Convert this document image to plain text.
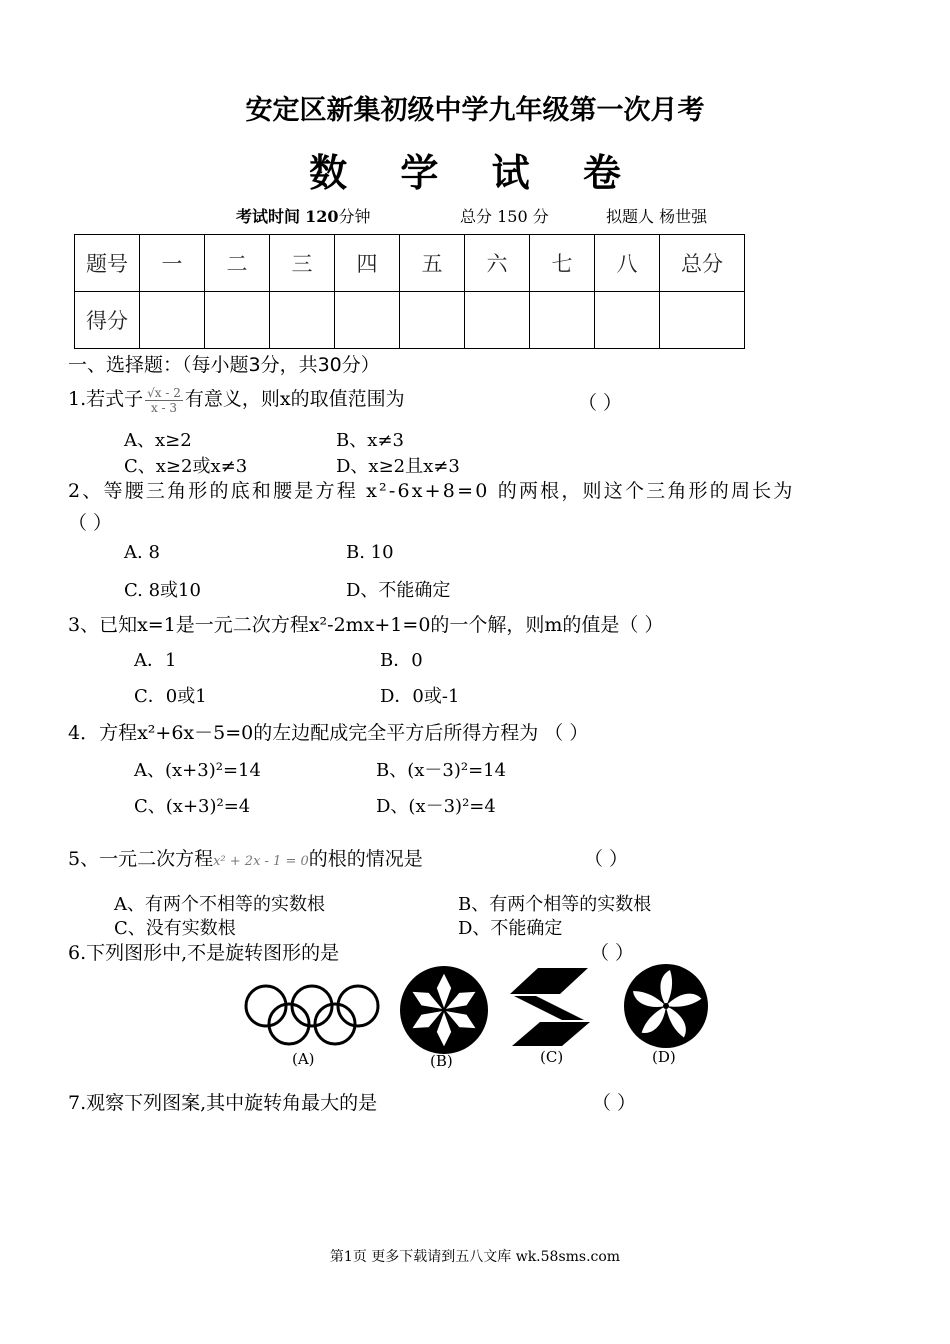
安定区新集初级中学九年级第一次月考
数 学 试 卷
考试时间 120分钟	总分 150 分	拟题人 杨世强
题号	一	二	三	四	五	六	七	八	总分
得分									
一、选择题：（每小题3分，共30分）
1.若式子 $\frac{√x - 2}{x - 3}$ 有意义，则x的取值范围为	（ ）
A、x≥2	B、x≠3
C、x≥2或x≠3	D、x≥2且x≠3
2、等腰三角形的底和腰是方程 x²-6x+8=0 的两根，则这个三角形的周长为
（ ）
A. 8	B. 10
C. 8或10	D、不能确定
3、已知x=1是一元二次方程x²-2mx+1=0的一个解，则m的值是（ ）
A．1	B．0
C．0或1	D．0或-1
4．方程x²+6x－5=0的左边配成完全平方后所得方程为 （ ）
A、(x+3)²=14	B、(x－3)²=14
C、(x+3)²=4	D、(x－3)²=4
5、一元二次方程x² + 2x - 1 = 0的根的情况是	（ ）
A、有两个不相等的实数根	B、有两个相等的实数根
C、没有实数根	D、不能确定
6.下列图形中,不是旋转图形的是	（ ）
(A)	(B)	(C)	(D)
7.观察下列图案,其中旋转角最大的是	（ ）
第1页 更多下载请到五八文库 wk.58sms.com
